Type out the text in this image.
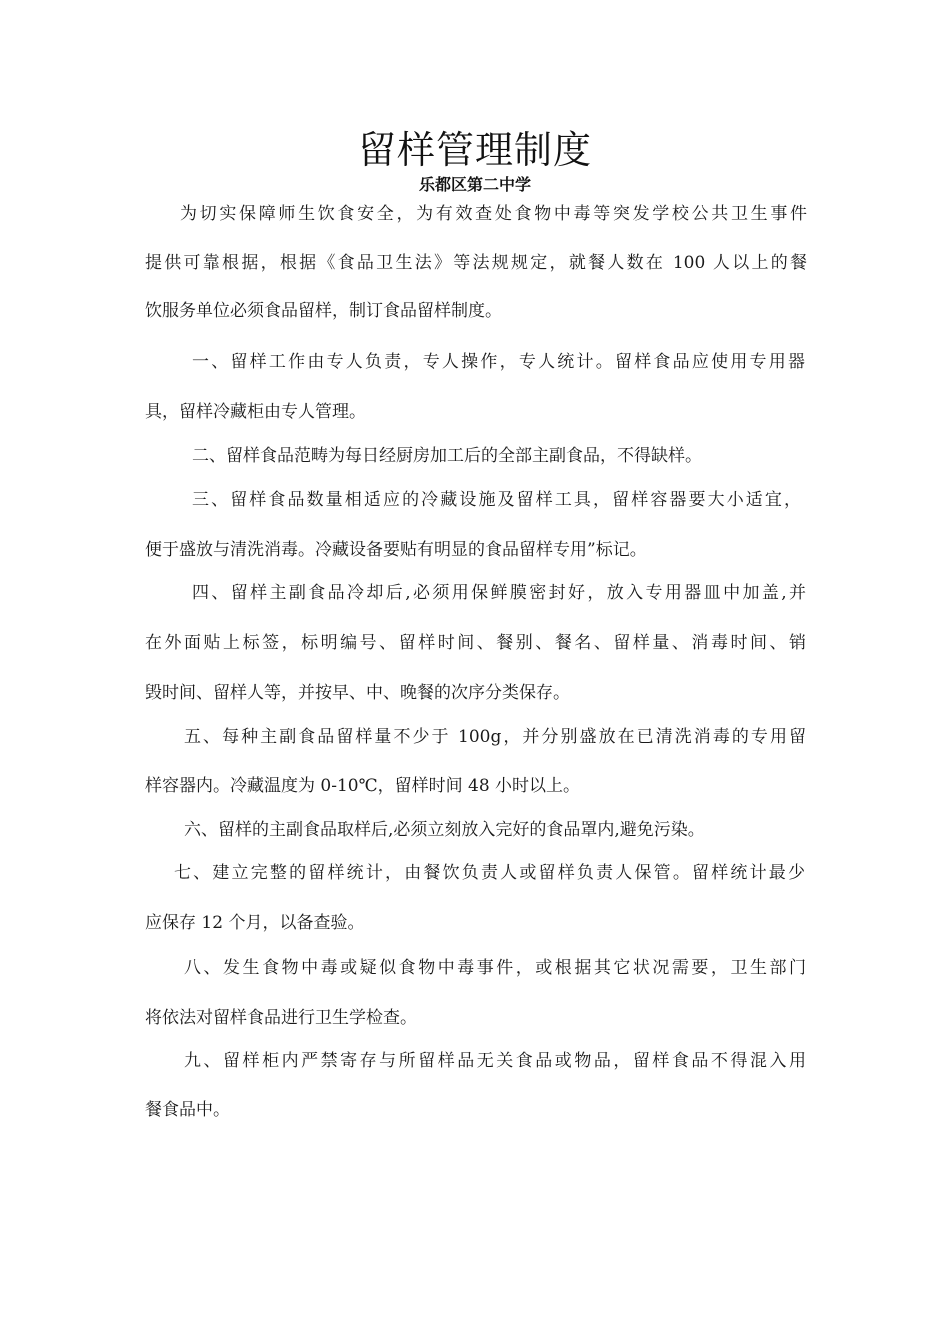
留样管理制度
乐都区第二中学
为切实保障师生饮食安全，为有效查处食物中毒等突发学校公共卫生事件
提供可靠根据，根据《食品卫生法》等法规规定，就餐人数在 100 人以上的餐
饮服务单位必须食品留样，制订食品留样制度。
一、留样工作由专人负责，专人操作，专人统计。留样食品应使用专用器
具，留样冷藏柜由专人管理。
二、留样食品范畴为每日经厨房加工后的全部主副食品，不得缺样。
三、留样食品数量相适应的冷藏设施及留样工具，留样容器要大小适宜，
便于盛放与清洗消毒。冷藏设备要贴有明显的食品留样专用”标记。
四、留样主副食品冷却后,必须用保鲜膜密封好，放入专用器皿中加盖,并
在外面贴上标签，标明编号、留样时间、餐别、餐名、留样量、消毒时间、销
毁时间、留样人等，并按早、中、晚餐的次序分类保存。
五、每种主副食品留样量不少于 100g，并分别盛放在已清洗消毒的专用留
样容器内。冷藏温度为 0-10℃，留样时间 48 小时以上。
六、留样的主副食品取样后,必须立刻放入完好的食品罩内,避免污染。
七、建立完整的留样统计，由餐饮负责人或留样负责人保管。留样统计最少
应保存 12 个月，以备查验。
八、发生食物中毒或疑似食物中毒事件，或根据其它状况需要，卫生部门
将依法对留样食品进行卫生学检查。
九、留样柜内严禁寄存与所留样品无关食品或物品，留样食品不得混入用
餐食品中。
